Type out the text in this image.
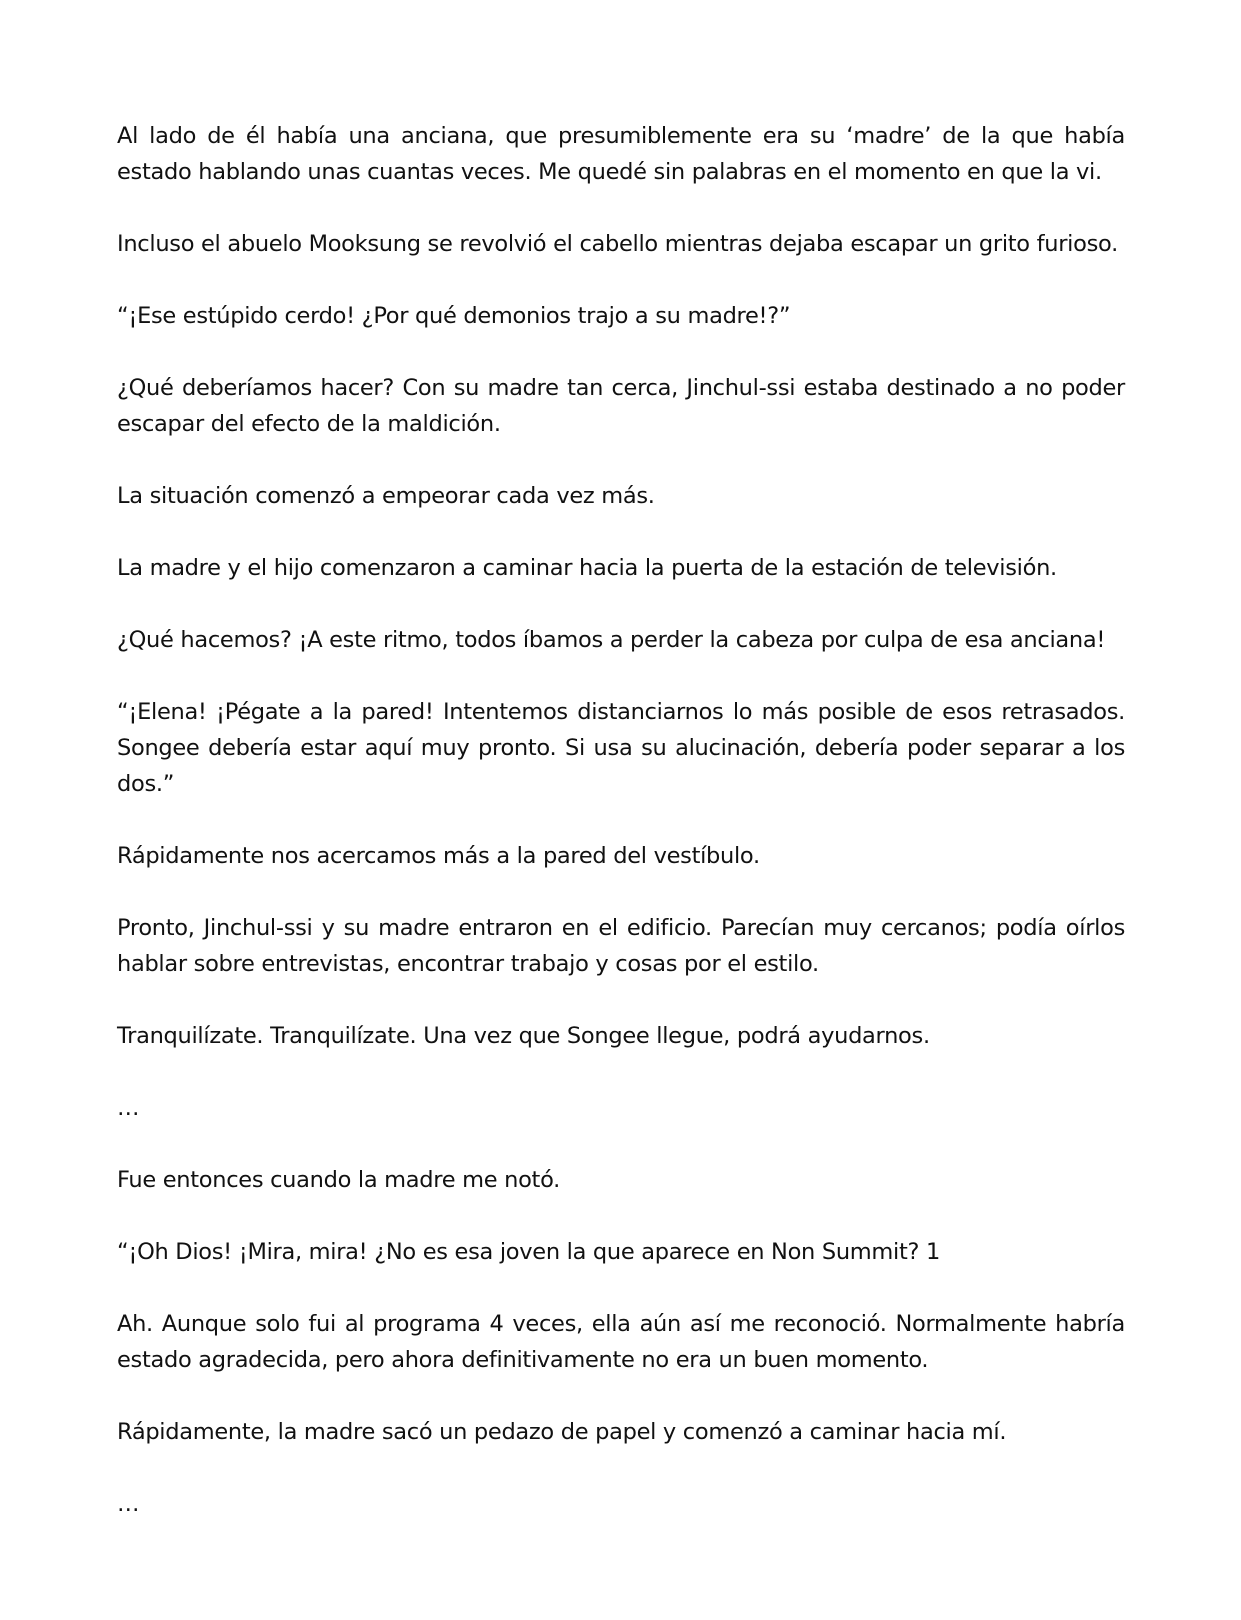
Al lado de él había una anciana, que presumiblemente era su ‘madre’ de la que había estado hablando unas cuantas veces. Me quedé sin palabras en el momento en que la vi.

Incluso el abuelo Mooksung se revolvió el cabello mientras dejaba escapar un grito furioso.

“¡Ese estúpido cerdo! ¿Por qué demonios trajo a su madre!?”

¿Qué deberíamos hacer? Con su madre tan cerca, Jinchul-ssi estaba destinado a no poder escapar del efecto de la maldición.

La situación comenzó a empeorar cada vez más.

La madre y el hijo comenzaron a caminar hacia la puerta de la estación de televisión.

¿Qué hacemos? ¡A este ritmo, todos íbamos a perder la cabeza por culpa de esa anciana!

“¡Elena! ¡Pégate a la pared! Intentemos distanciarnos lo más posible de esos retrasados. Songee debería estar aquí muy pronto. Si usa su alucinación, debería poder separar a los dos.”

Rápidamente nos acercamos más a la pared del vestíbulo.

Pronto, Jinchul-ssi y su madre entraron en el edificio. Parecían muy cercanos; podía oírlos hablar sobre entrevistas, encontrar trabajo y cosas por el estilo.

Tranquilízate. Tranquilízate. Una vez que Songee llegue, podrá ayudarnos.

…

Fue entonces cuando la madre me notó.

“¡Oh Dios! ¡Mira, mira! ¿No es esa joven la que aparece en Non Summit? 1

Ah. Aunque solo fui al programa 4 veces, ella aún así me reconoció. Normalmente habría estado agradecida, pero ahora definitivamente no era un buen momento.

Rápidamente, la madre sacó un pedazo de papel y comenzó a caminar hacia mí.

…
